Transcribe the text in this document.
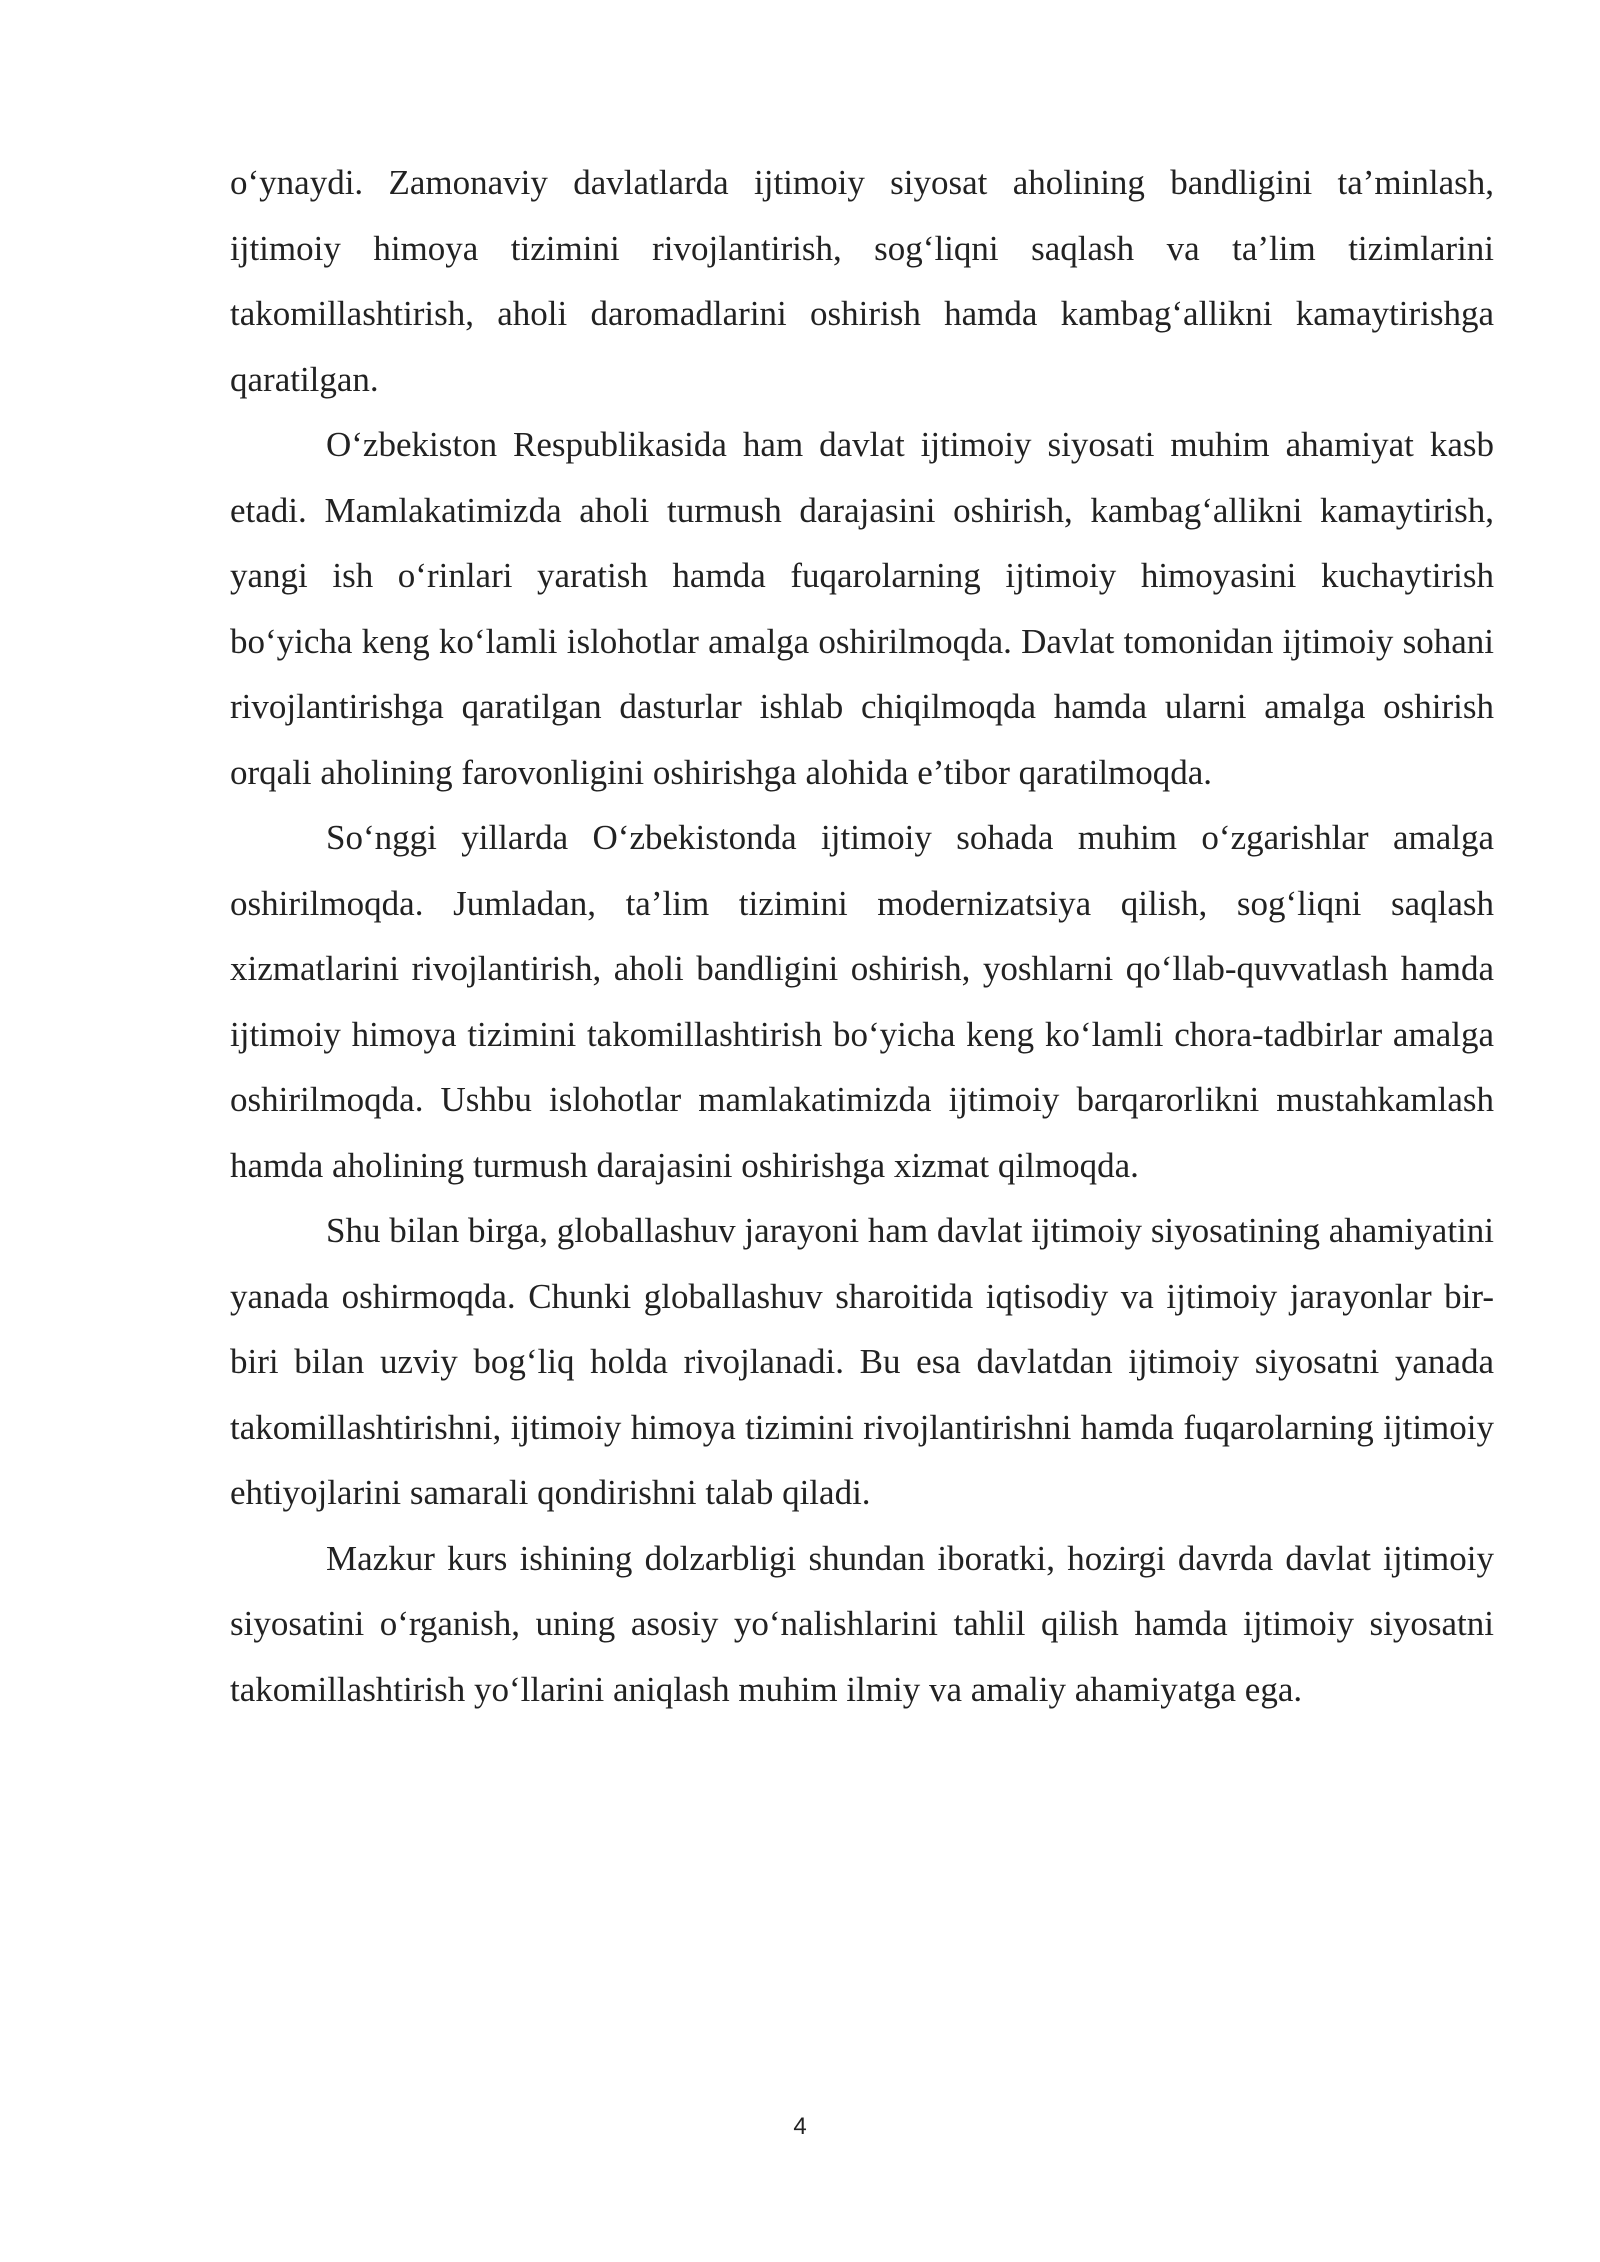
o‘ynaydi. Zamonaviy davlatlarda ijtimoiy siyosat aholining bandligini ta’minlash, ijtimoiy himoya tizimini rivojlantirish, sog‘liqni saqlash va ta’lim tizimlarini takomillashtirish, aholi daromadlarini oshirish hamda kambag‘allikni kamaytirishga qaratilgan.

O‘zbekiston Respublikasida ham davlat ijtimoiy siyosati muhim ahamiyat kasb etadi. Mamlakatimizda aholi turmush darajasini oshirish, kambag‘allikni kamaytirish, yangi ish o‘rinlari yaratish hamda fuqarolarning ijtimoiy himoyasini kuchaytirish bo‘yicha keng ko‘lamli islohotlar amalga oshirilmoqda. Davlat tomonidan ijtimoiy sohani rivojlantirishga qaratilgan dasturlar ishlab chiqilmoqda hamda ularni amalga oshirish orqali aholining farovonligini oshirishga alohida e’tibor qaratilmoqda.

So‘nggi yillarda O‘zbekistonda ijtimoiy sohada muhim o‘zgarishlar amalga oshirilmoqda. Jumladan, ta’lim tizimini modernizatsiya qilish, sog‘liqni saqlash xizmatlarini rivojlantirish, aholi bandligini oshirish, yoshlarni qo‘llab-quvvatlash hamda ijtimoiy himoya tizimini takomillashtirish bo‘yicha keng ko‘lamli chora-tadbirlar amalga oshirilmoqda. Ushbu islohotlar mamlakatimizda ijtimoiy barqarorlikni mustahkamlash hamda aholining turmush darajasini oshirishga xizmat qilmoqda.

Shu bilan birga, globallashuv jarayoni ham davlat ijtimoiy siyosatining ahamiyatini yanada oshirmoqda. Chunki globallashuv sharoitida iqtisodiy va ijtimoiy jarayonlar bir-biri bilan uzviy bog‘liq holda rivojlanadi. Bu esa davlatdan ijtimoiy siyosatni yanada takomillashtirishni, ijtimoiy himoya tizimini rivojlantirishni hamda fuqarolarning ijtimoiy ehtiyojlarini samarali qondirishni talab qiladi.

Mazkur kurs ishining dolzarbligi shundan iboratki, hozirgi davrda davlat ijtimoiy siyosatini o‘rganish, uning asosiy yo‘nalishlarini tahlil qilish hamda ijtimoiy siyosatni takomillashtirish yo‘llarini aniqlash muhim ilmiy va amaliy ahamiyatga ega.

4
